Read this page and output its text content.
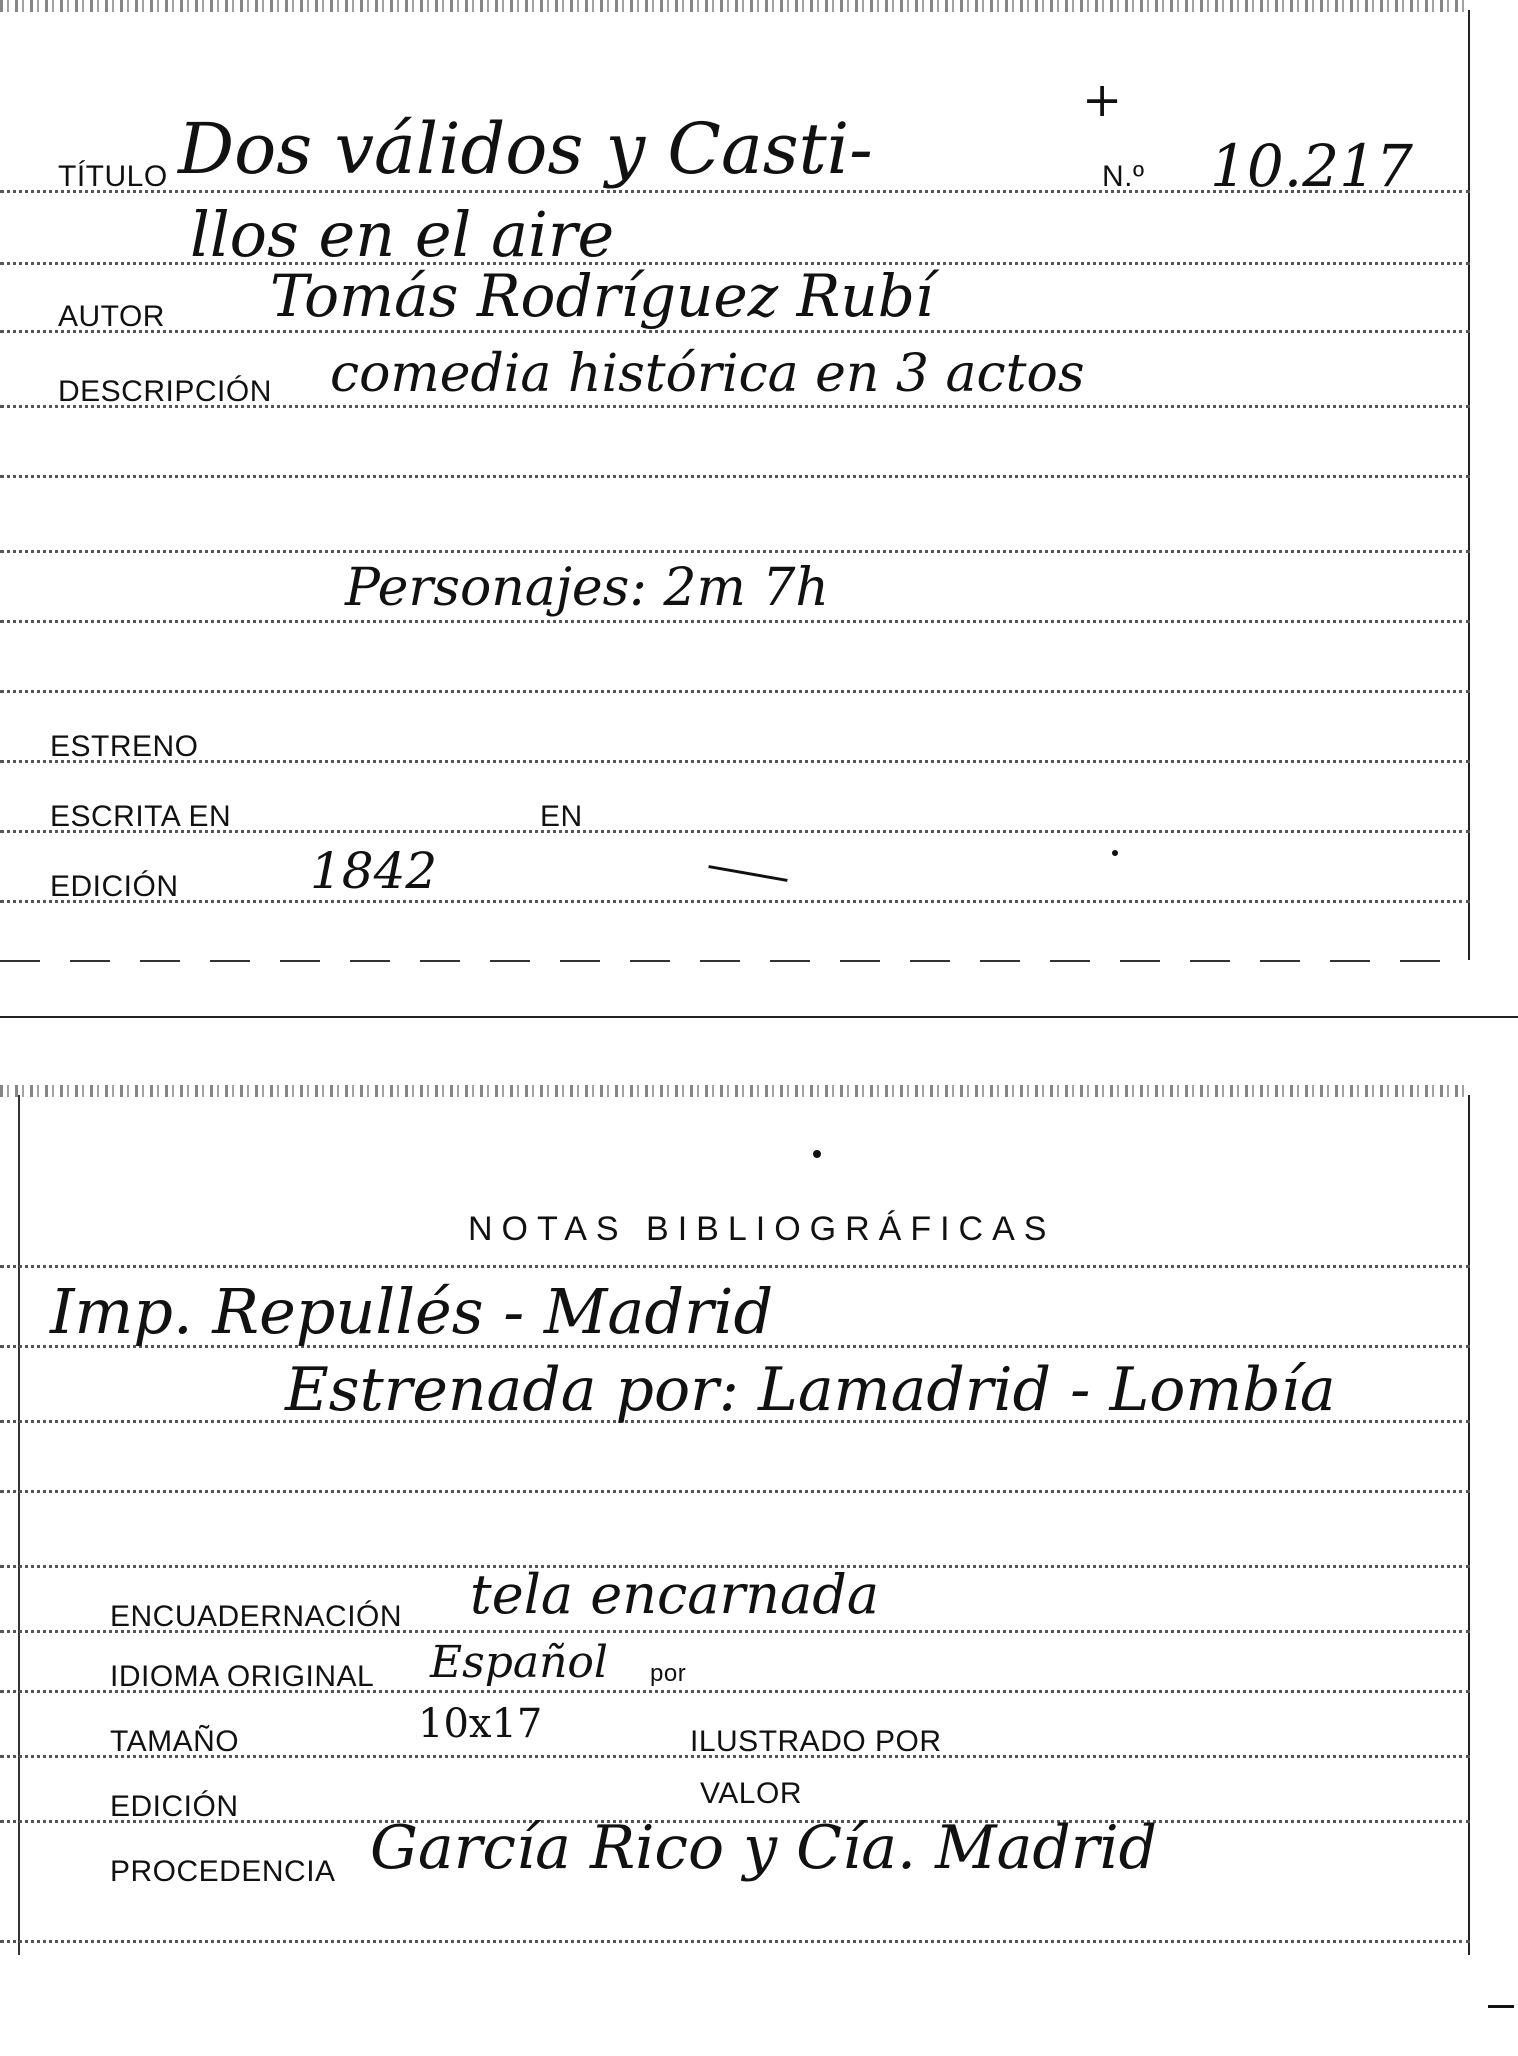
TÍTULO Dos válidos y Casti-
+
N.º 10.217
llos en el aire
AUTOR Tomás Rodríguez Rubí
DESCRIPCIÓN comedia histórica en 3 actos
Personajes: 2m 7h
ESTRENO
ESCRITA EN	EN
EDICIÓN	1842
NOTAS BIBLIOGRÁFICAS
Imp. Repullés - Madrid
Estrenada por: Lamadrid - Lombía
ENCUADERNACIÓN tela encarnada
IDIOMA ORIGINAL Español por
TAMAÑO	10x17	ILUSTRADO POR
EDICIÓN	VALOR
PROCEDENCIA García Rico y Cía. Madrid
